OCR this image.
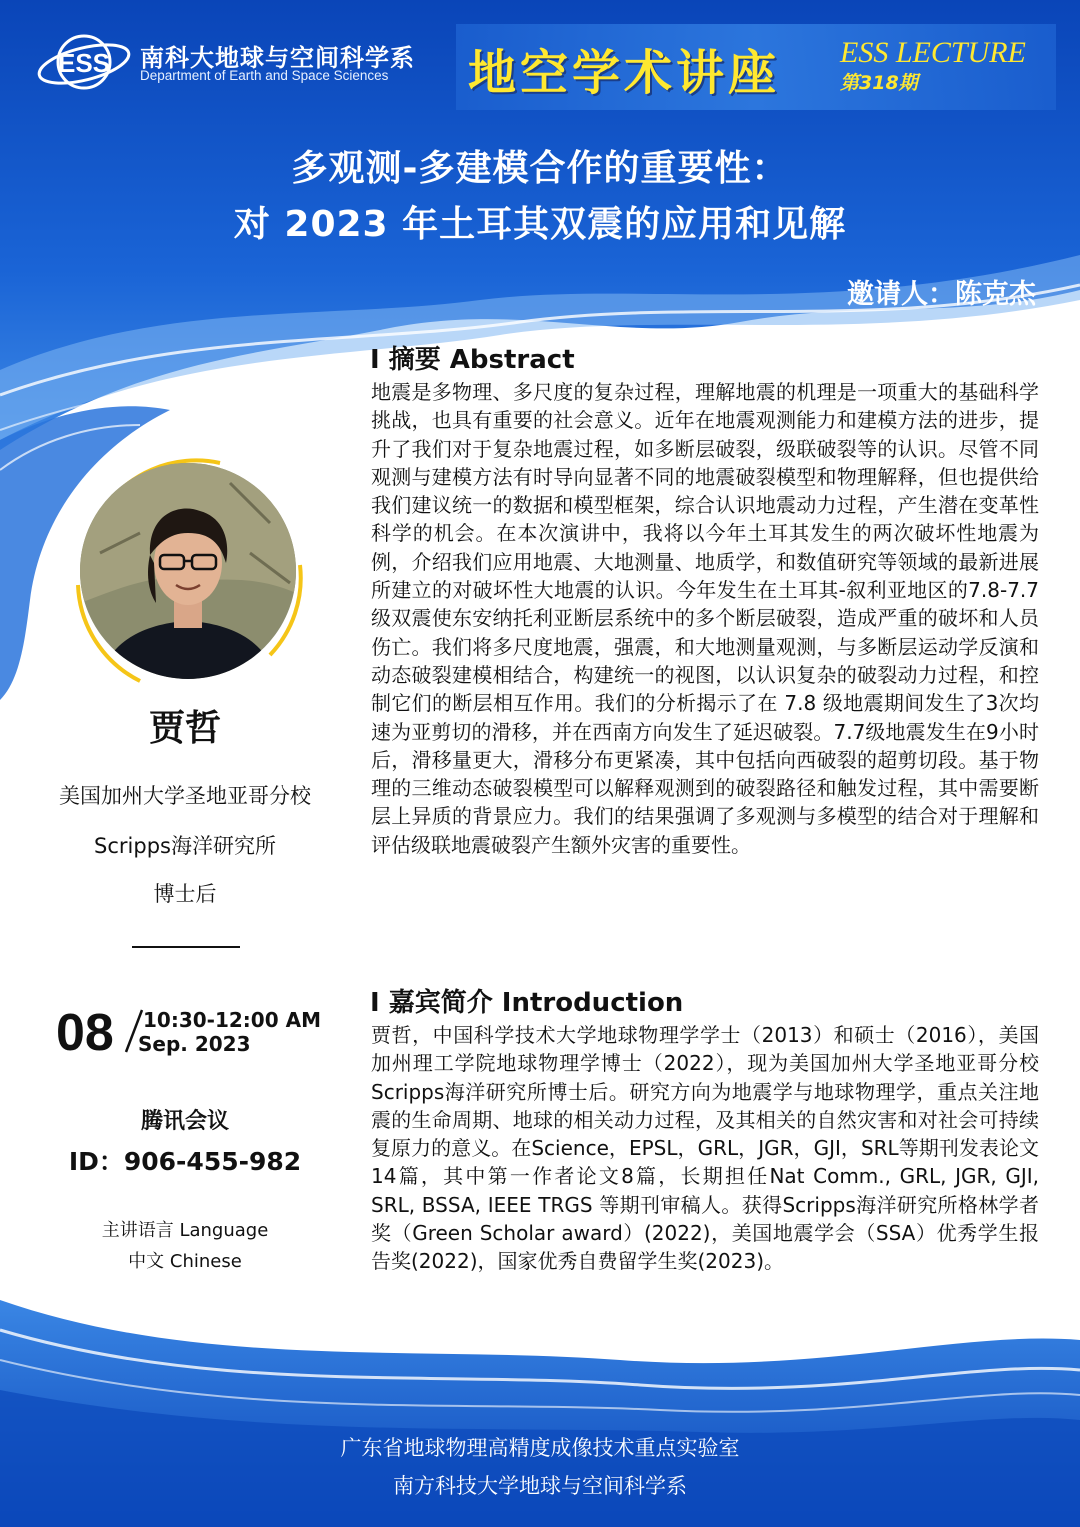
ESS 南科大地球与空间科学系
Department of Earth and Space Sciences 地空学术讲座 ESS LECTURE
第318期
多观测-多建模合作的重要性：
对 2023 年土耳其双震的应用和见解
邀请人：陈克杰
贾哲
美国加州大学圣地亚哥分校
Scripps海洋研究所
博士后
08 10:30-12:00 AM
Sep. 2023
腾讯会议
ID：906-455-982
主讲语言 Language
中文 Chinese
I 摘要 Abstract
地震是多物理、多尺度的复杂过程，理解地震的机理是一项重大的基础科学挑战，也具有重要的社会意义。近年在地震观测能力和建模方法的进步，提升了我们对于复杂地震过程，如多断层破裂，级联破裂等的认识。尽管不同观测与建模方法有时导向显著不同的地震破裂模型和物理解释，但也提供给我们建议统一的数据和模型框架，综合认识地震动力过程，产生潜在变革性科学的机会。在本次演讲中，我将以今年土耳其发生的两次破坏性地震为例，介绍我们应用地震、大地测量、地质学，和数值研究等领域的最新进展所建立的对破坏性大地震的认识。今年发生在土耳其-叙利亚地区的7.8-7.7级双震使东安纳托利亚断层系统中的多个断层破裂，造成严重的破坏和人员伤亡。我们将多尺度地震，强震，和大地测量观测，与多断层运动学反演和动态破裂建模相结合，构建统一的视图，以认识复杂的破裂动力过程，和控制它们的断层相互作用。我们的分析揭示了在 7.8 级地震期间发生了3次均速为亚剪切的滑移，并在西南方向发生了延迟破裂。7.7级地震发生在9小时后，滑移量更大，滑移分布更紧凑，其中包括向西破裂的超剪切段。基于物理的三维动态破裂模型可以解释观测到的破裂路径和触发过程，其中需要断层上异质的背景应力。我们的结果强调了多观测与多模型的结合对于理解和评估级联地震破裂产生额外灾害的重要性。
I 嘉宾简介 Introduction
贾哲，中国科学技术大学地球物理学学士（2013）和硕士（2016），美国加州理工学院地球物理学博士（2022），现为美国加州大学圣地亚哥分校Scripps海洋研究所博士后。研究方向为地震学与地球物理学，重点关注地震的生命周期、地球的相关动力过程，及其相关的自然灾害和对社会可持续复原力的意义。在Science，EPSL，GRL，JGR，GJI，SRL等期刊发表论文14篇，其中第一作者论文8篇，长期担任Nat Comm., GRL, JGR, GJI, SRL, BSSA, IEEE TRGS 等期刊审稿人。获得Scripps海洋研究所格林学者奖（Green Scholar award）(2022)，美国地震学会（SSA）优秀学生报告奖(2022)，国家优秀自费留学生奖(2023)。
广东省地球物理高精度成像技术重点实验室
南方科技大学地球与空间科学系
